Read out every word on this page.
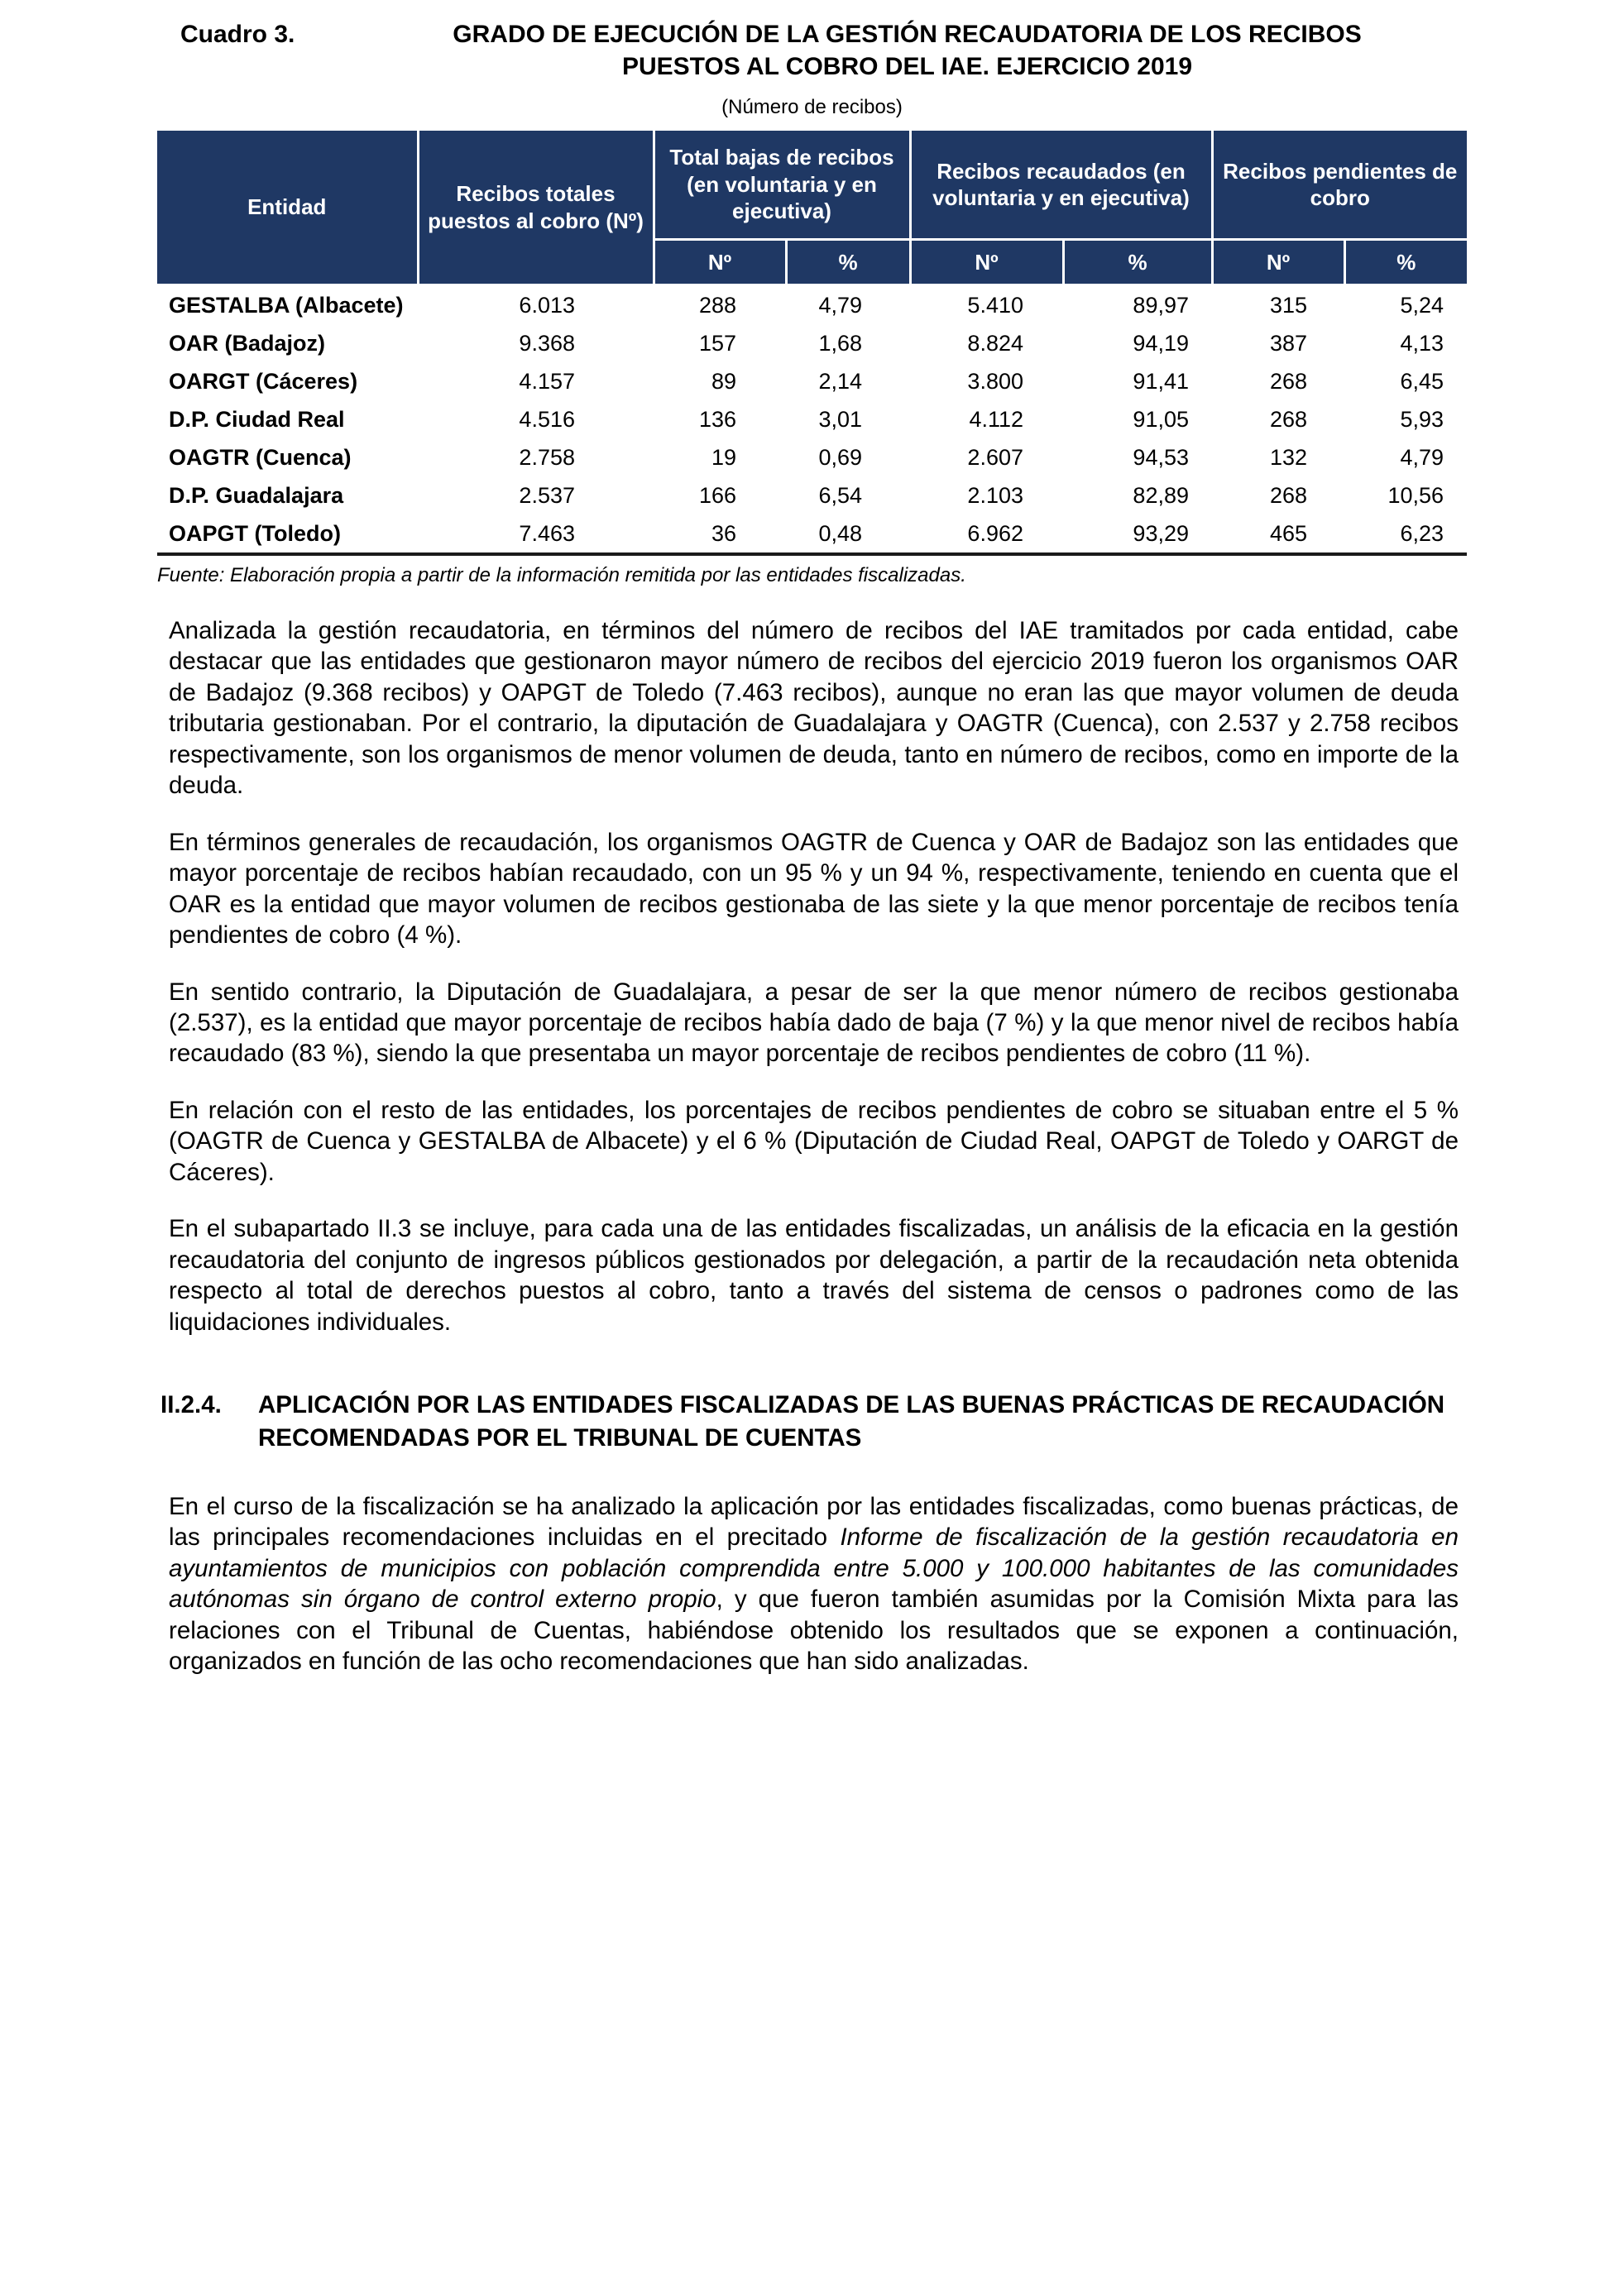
Cuadro 3.	GRADO DE EJECUCIÓN DE LA GESTIÓN RECAUDATORIA DE LOS RECIBOS
PUESTOS AL COBRO DEL IAE. EJERCICIO 2019
(Número de recibos)
Entidad	Recibos totales puestos al cobro (Nº)	Total bajas de recibos (en voluntaria y en ejecutiva)		Recibos recaudados (en voluntaria y en ejecutiva)		Recibos pendientes de cobro	
		Nº	%	Nº	%	Nº	%
GESTALBA (Albacete)	6.013	288	4,79	5.410	89,97	315	5,24
OAR (Badajoz)	9.368	157	1,68	8.824	94,19	387	4,13
OARGT (Cáceres)	4.157	89	2,14	3.800	91,41	268	6,45
D.P. Ciudad Real	4.516	136	3,01	4.112	91,05	268	5,93
OAGTR (Cuenca)	2.758	19	0,69	2.607	94,53	132	4,79
D.P. Guadalajara	2.537	166	6,54	2.103	82,89	268	10,56
OAPGT (Toledo)	7.463	36	0,48	6.962	93,29	465	6,23
Fuente: Elaboración propia a partir de la información remitida por las entidades fiscalizadas.

Analizada la gestión recaudatoria, en términos del número de recibos del IAE tramitados por cada entidad, cabe destacar que las entidades que gestionaron mayor número de recibos del ejercicio 2019 fueron los organismos OAR de Badajoz (9.368 recibos) y OAPGT de Toledo (7.463 recibos), aunque no eran las que mayor volumen de deuda tributaria gestionaban. Por el contrario, la diputación de Guadalajara y OAGTR (Cuenca), con 2.537 y 2.758 recibos respectivamente, son los organismos de menor volumen de deuda, tanto en número de recibos, como en importe de la deuda.

En términos generales de recaudación, los organismos OAGTR de Cuenca y OAR de Badajoz son las entidades que mayor porcentaje de recibos habían recaudado, con un 95 % y un 94 %, respectivamente, teniendo en cuenta que el OAR es la entidad que mayor volumen de recibos gestionaba de las siete y la que menor porcentaje de recibos tenía pendientes de cobro (4 %).

En sentido contrario, la Diputación de Guadalajara, a pesar de ser la que menor número de recibos gestionaba (2.537), es la entidad que mayor porcentaje de recibos había dado de baja (7 %) y la que menor nivel de recibos había recaudado (83 %), siendo la que presentaba un mayor porcentaje de recibos pendientes de cobro (11 %).

En relación con el resto de las entidades, los porcentajes de recibos pendientes de cobro se situaban entre el 5 % (OAGTR de Cuenca y GESTALBA de Albacete) y el 6 % (Diputación de Ciudad Real, OAPGT de Toledo y OARGT de Cáceres).

En el subapartado II.3 se incluye, para cada una de las entidades fiscalizadas, un análisis de la eficacia en la gestión recaudatoria del conjunto de ingresos públicos gestionados por delegación, a partir de la recaudación neta obtenida respecto al total de derechos puestos al cobro, tanto a través del sistema de censos o padrones como de las liquidaciones individuales.

II.2.4.	APLICACIÓN POR LAS ENTIDADES FISCALIZADAS DE LAS BUENAS PRÁCTICAS DE RECAUDACIÓN RECOMENDADAS POR EL TRIBUNAL DE CUENTAS

En el curso de la fiscalización se ha analizado la aplicación por las entidades fiscalizadas, como buenas prácticas, de las principales recomendaciones incluidas en el precitado Informe de fiscalización de la gestión recaudatoria en ayuntamientos de municipios con población comprendida entre 5.000 y 100.000 habitantes de las comunidades autónomas sin órgano de control externo propio, y que fueron también asumidas por la Comisión Mixta para las relaciones con el Tribunal de Cuentas, habiéndose obtenido los resultados que se exponen a continuación, organizados en función de las ocho recomendaciones que han sido analizadas.
